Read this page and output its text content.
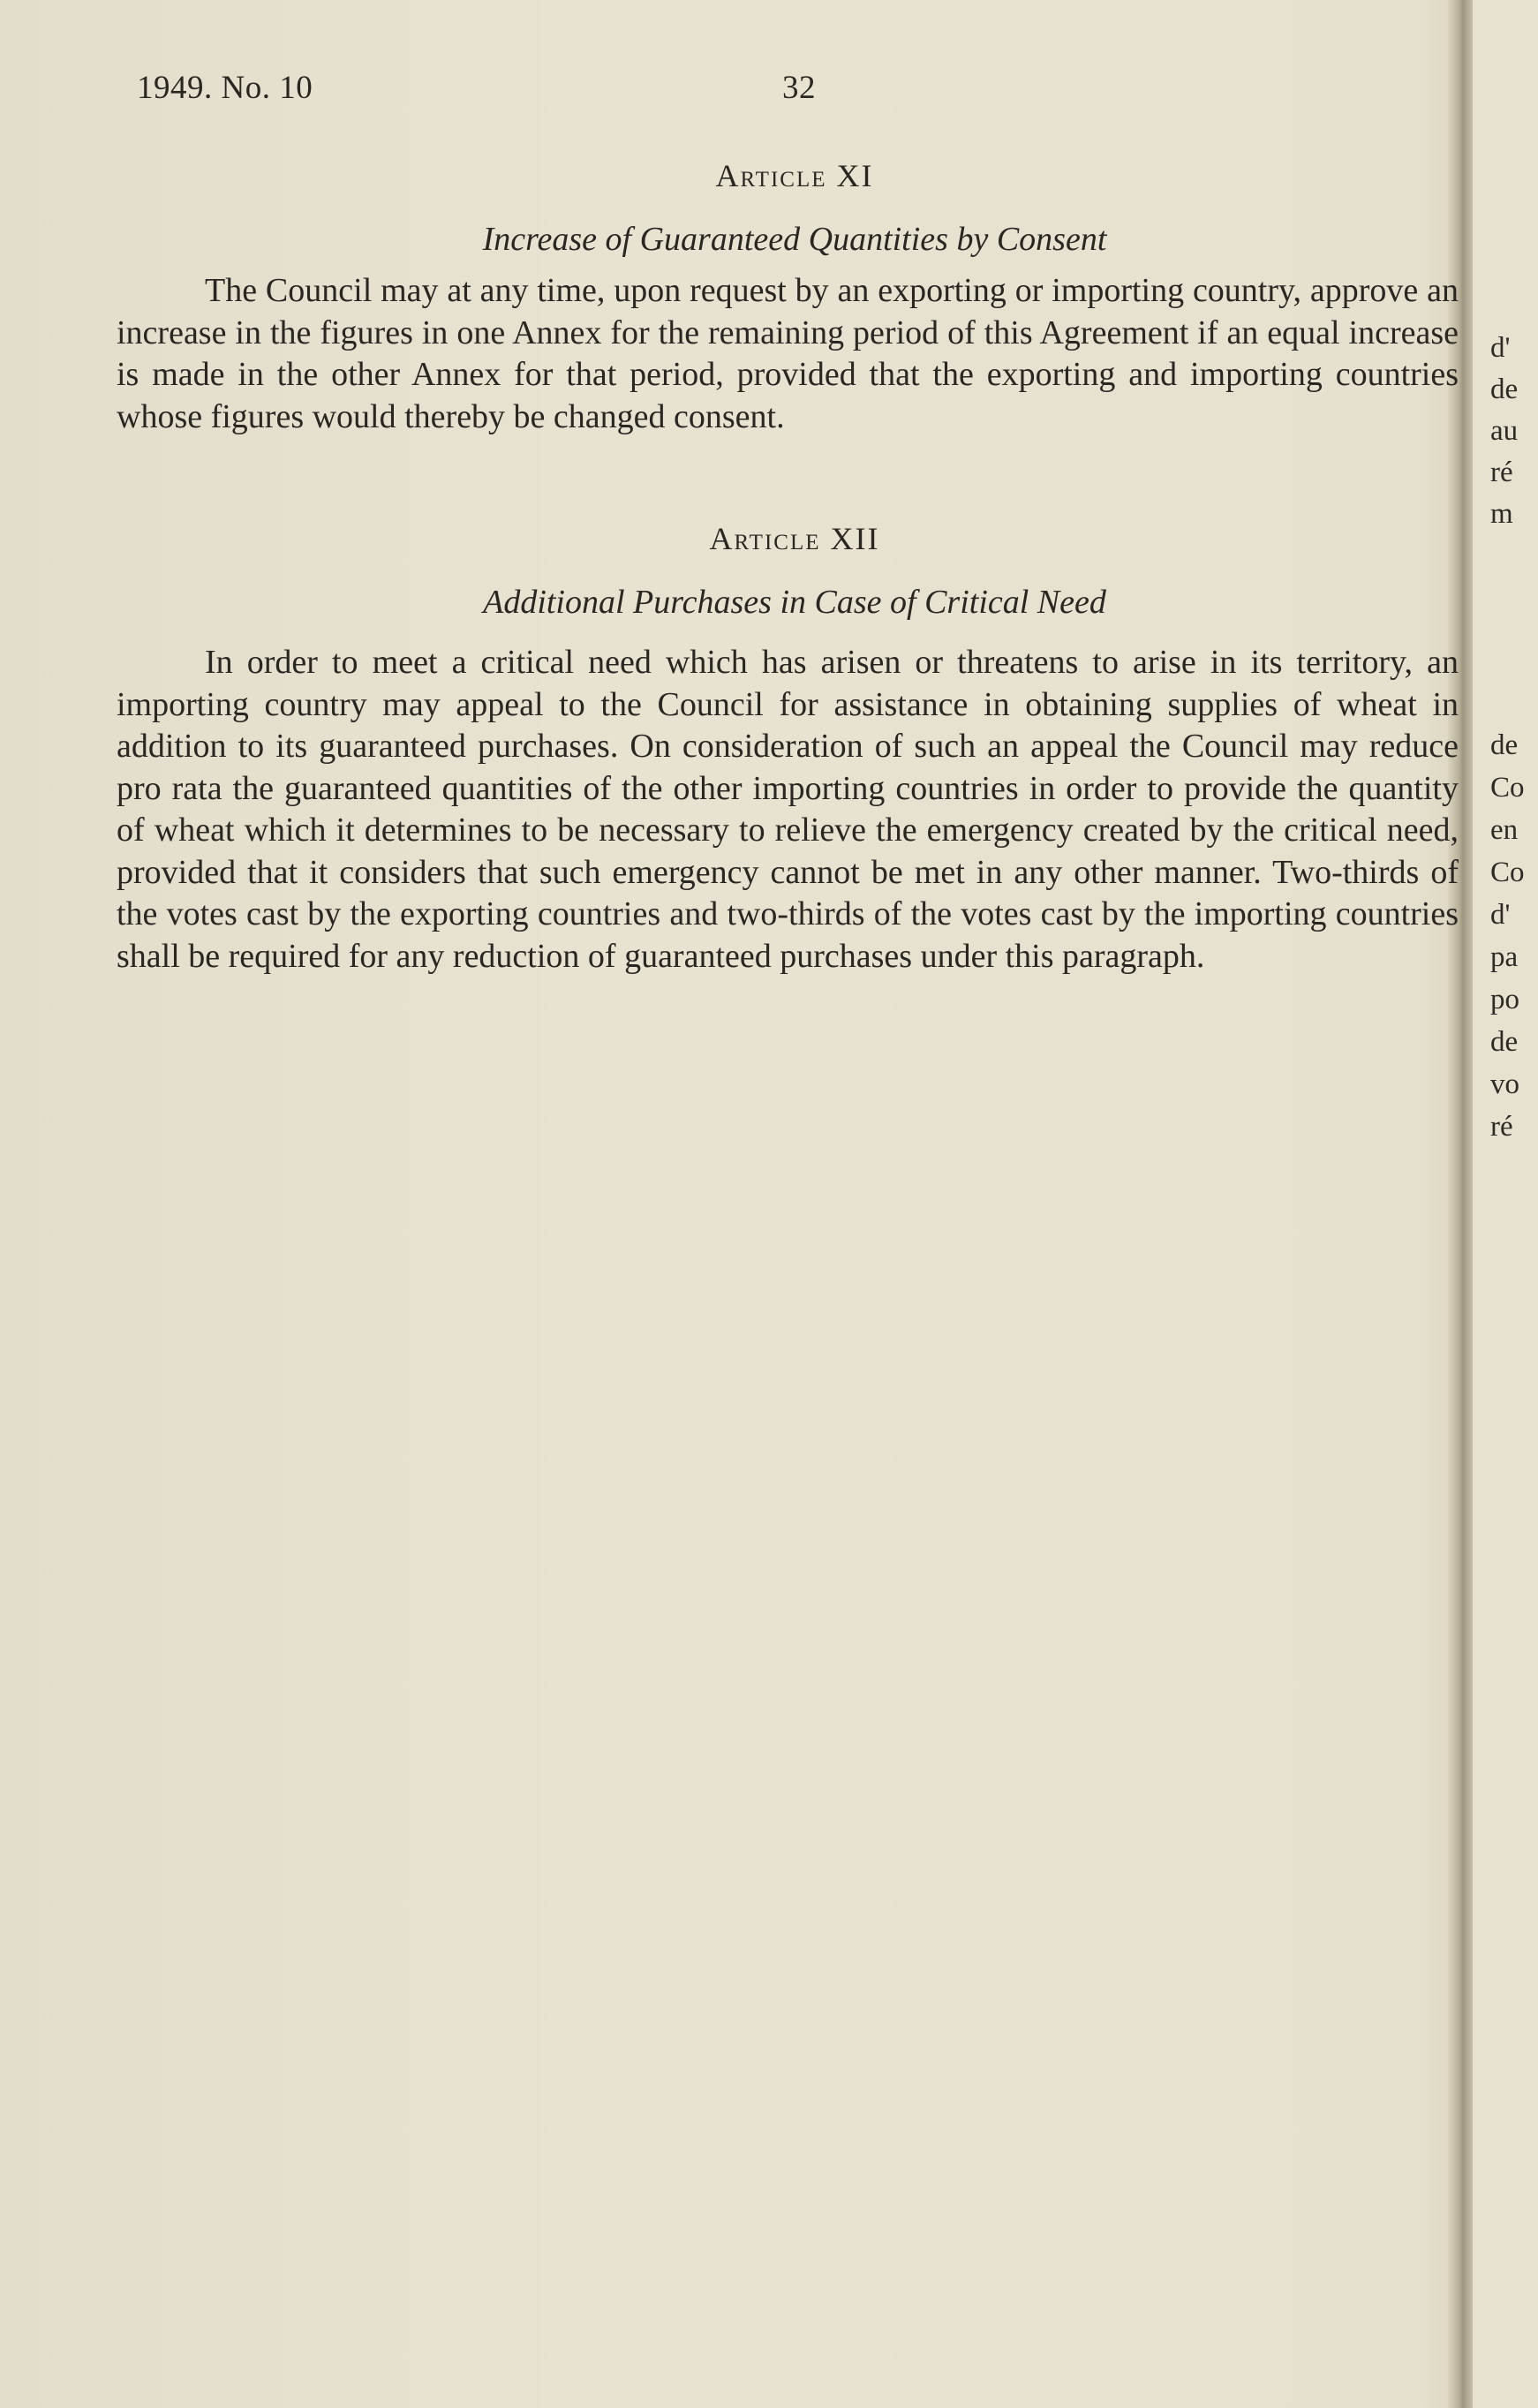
1949. No. 10	32
Article XI
Increase of Guaranteed Quantities by Consent

The Council may at any time, upon request by an exporting or importing country, approve an increase in the figures in one Annex for the remaining period of this Agreement if an equal increase is made in the other Annex for that period, provided that the exporting and importing countries whose figures would thereby be changed consent.

Article XII
Additional Purchases in Case of Critical Need

In order to meet a critical need which has arisen or threatens to arise in its territory, an importing country may appeal to the Council for assistance in obtaining supplies of wheat in addition to its guaranteed purchases. On consideration of such an appeal the Council may reduce pro rata the guaranteed quantities of the other importing countries in order to provide the quantity of wheat which it determines to be necessary to relieve the emergency created by the critical need, provided that it considers that such emergency cannot be met in any other manner. Two-thirds of the votes cast by the exporting countries and two-thirds of the votes cast by the importing countries shall be required for any reduction of guaranteed purchases under this paragraph.

d'
de
au
ré
m
de
Co
en
Co
d'
pa
po
de
vo
ré
